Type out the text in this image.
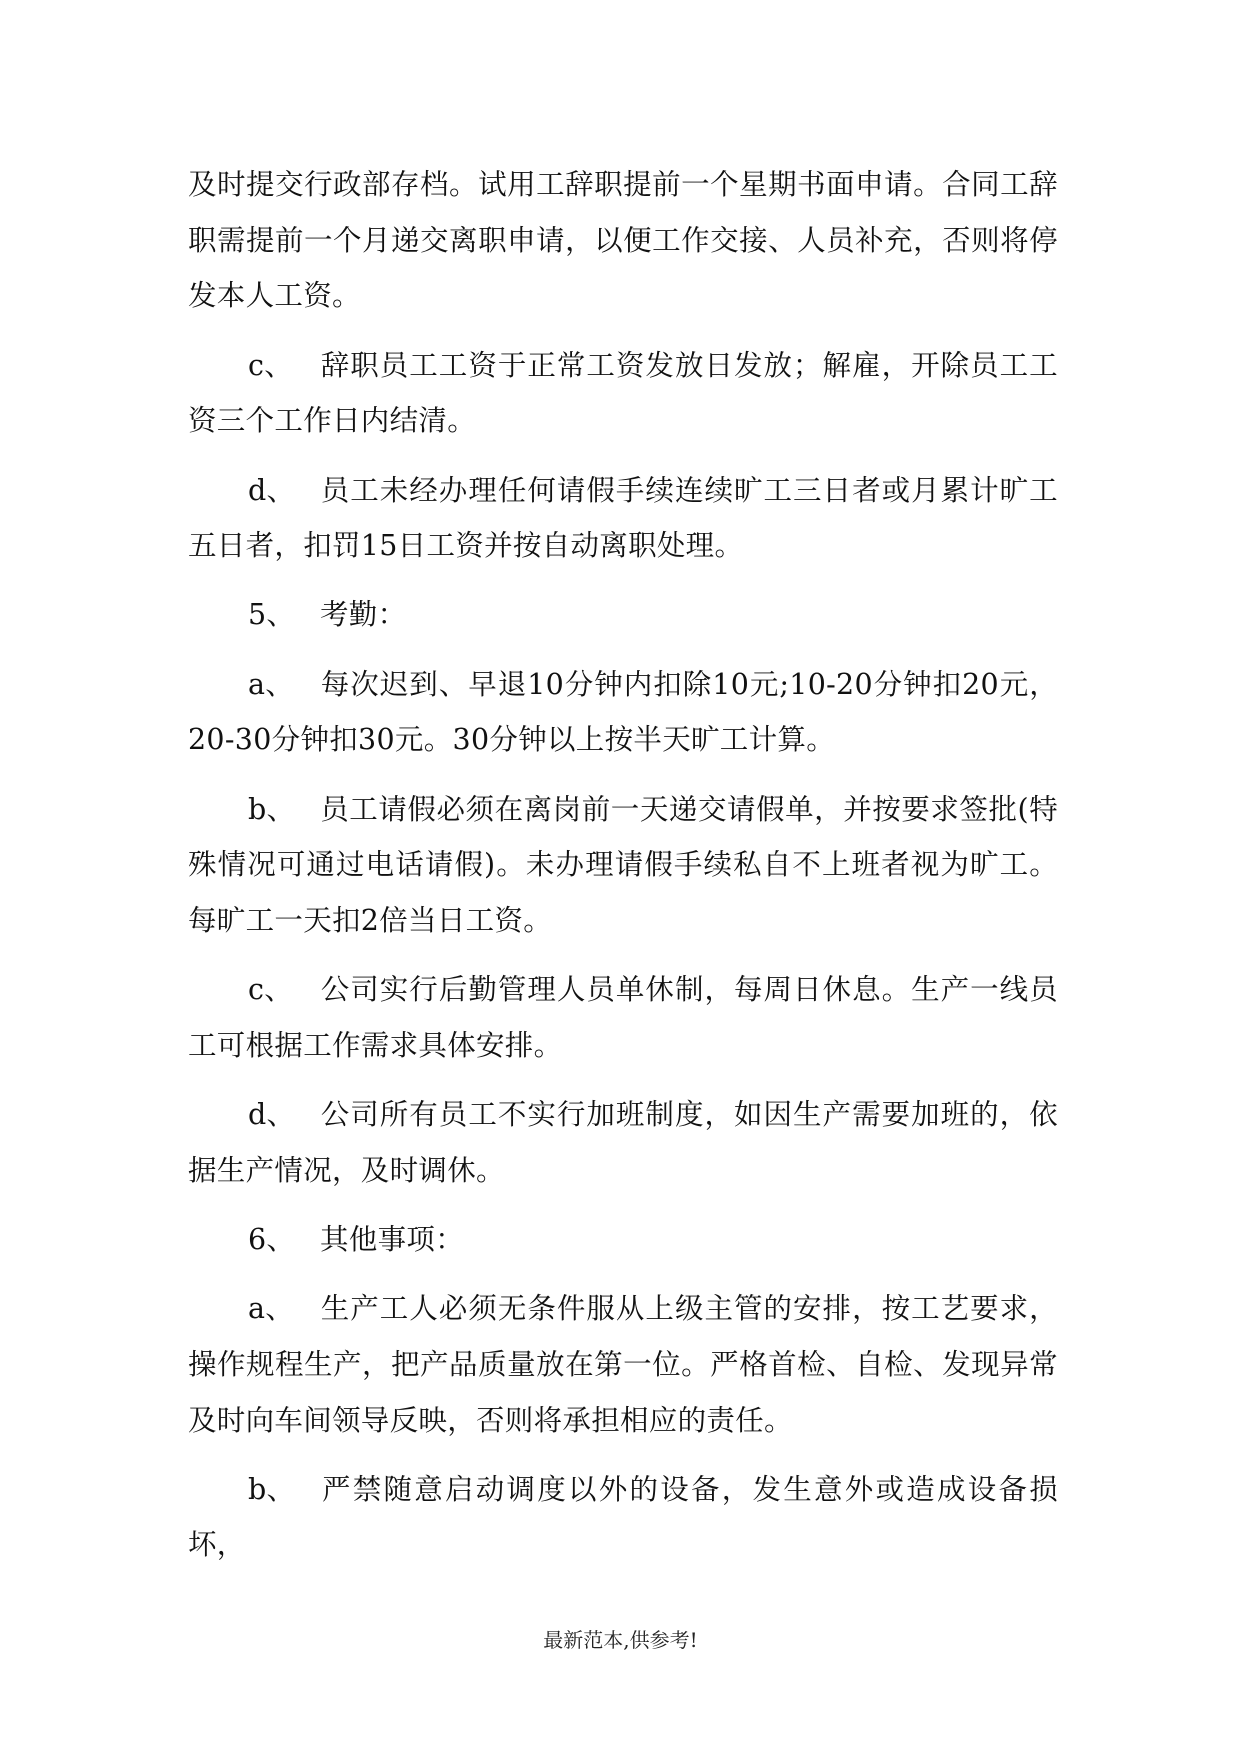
及时提交行政部存档。试用工辞职提前一个星期书面申请。合同工辞职需提前一个月递交离职申请，以便工作交接、人员补充，否则将停发本人工资。

c、 辞职员工工资于正常工资发放日发放；解雇，开除员工工资三个工作日内结清。

d、 员工未经办理任何请假手续连续旷工三日者或月累计旷工五日者，扣罚15日工资并按自动离职处理。

5、 考勤：

a、 每次迟到、早退10分钟内扣除10元;10-20分钟扣20元，20-30分钟扣30元。30分钟以上按半天旷工计算。

b、 员工请假必须在离岗前一天递交请假单，并按要求签批(特殊情况可通过电话请假)。未办理请假手续私自不上班者视为旷工。每旷工一天扣2倍当日工资。

c、 公司实行后勤管理人员单休制，每周日休息。生产一线员工可根据工作需求具体安排。

d、 公司所有员工不实行加班制度，如因生产需要加班的，依据生产情况，及时调休。

6、 其他事项：

a、 生产工人必须无条件服从上级主管的安排，按工艺要求，操作规程生产，把产品质量放在第一位。严格首检、自检、发现异常及时向车间领导反映，否则将承担相应的责任。

b、 严禁随意启动调度以外的设备，发生意外或造成设备损坏，

最新范本,供参考!
